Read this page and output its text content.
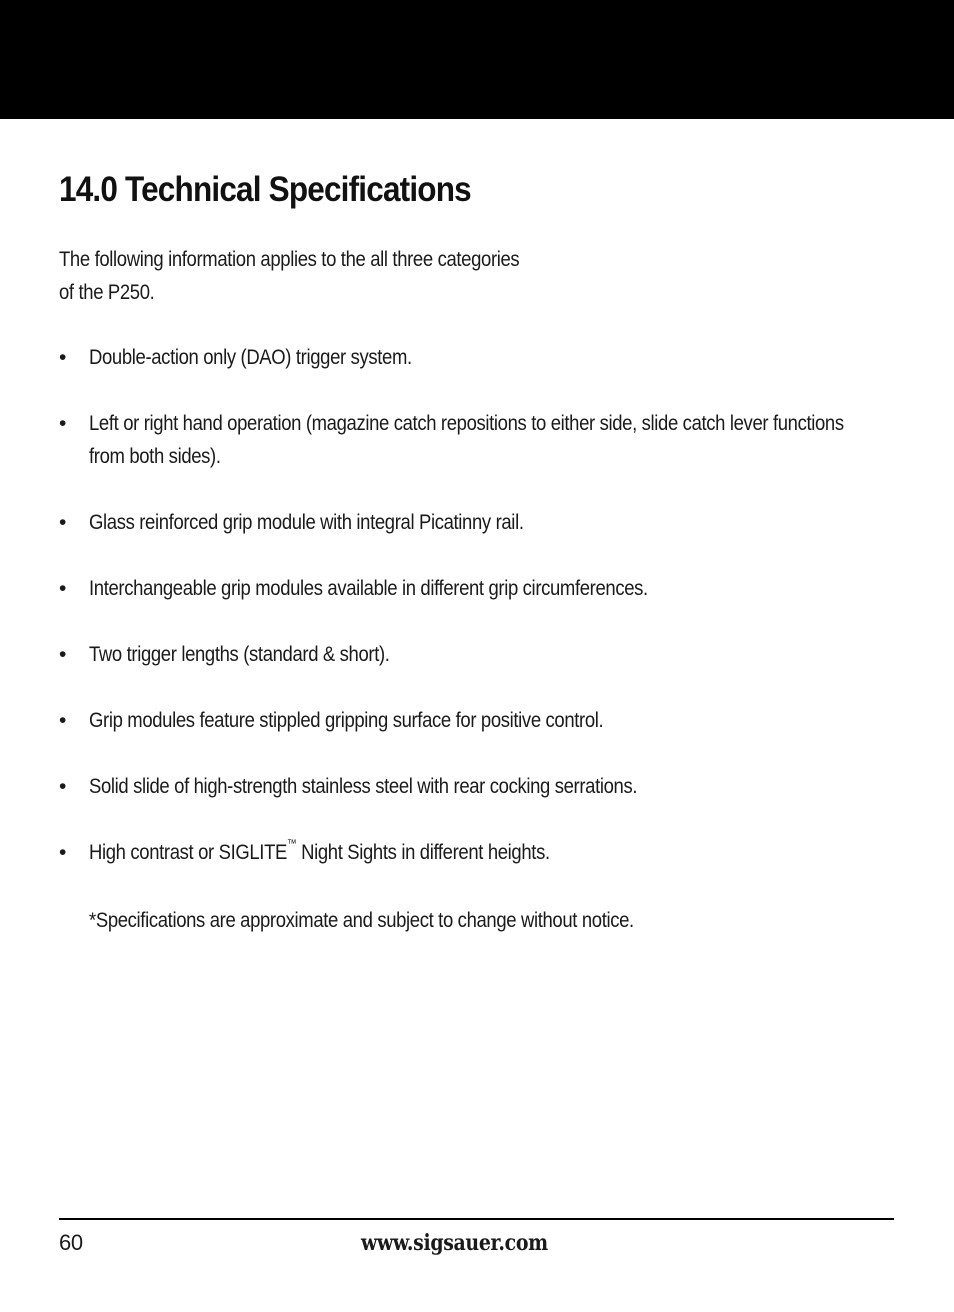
14.0 Technical Specifications

The following information applies to the all three categories
of the P250.

•	Double-action only (DAO) trigger system.
•	Left or right hand operation (magazine catch repositions to either side, slide catch lever functions from both sides).
•	Glass reinforced grip module with integral Picatinny rail.
•	Interchangeable grip modules available in different grip circumferences.
•	Two trigger lengths (standard & short).
•	Grip modules feature stippled gripping surface for positive control.
•	Solid slide of high-strength stainless steel with rear cocking serrations.
•	High contrast or SIGLITE™ Night Sights in different heights.

*Specifications are approximate and subject to change without notice.

60	www.sigsauer.com
